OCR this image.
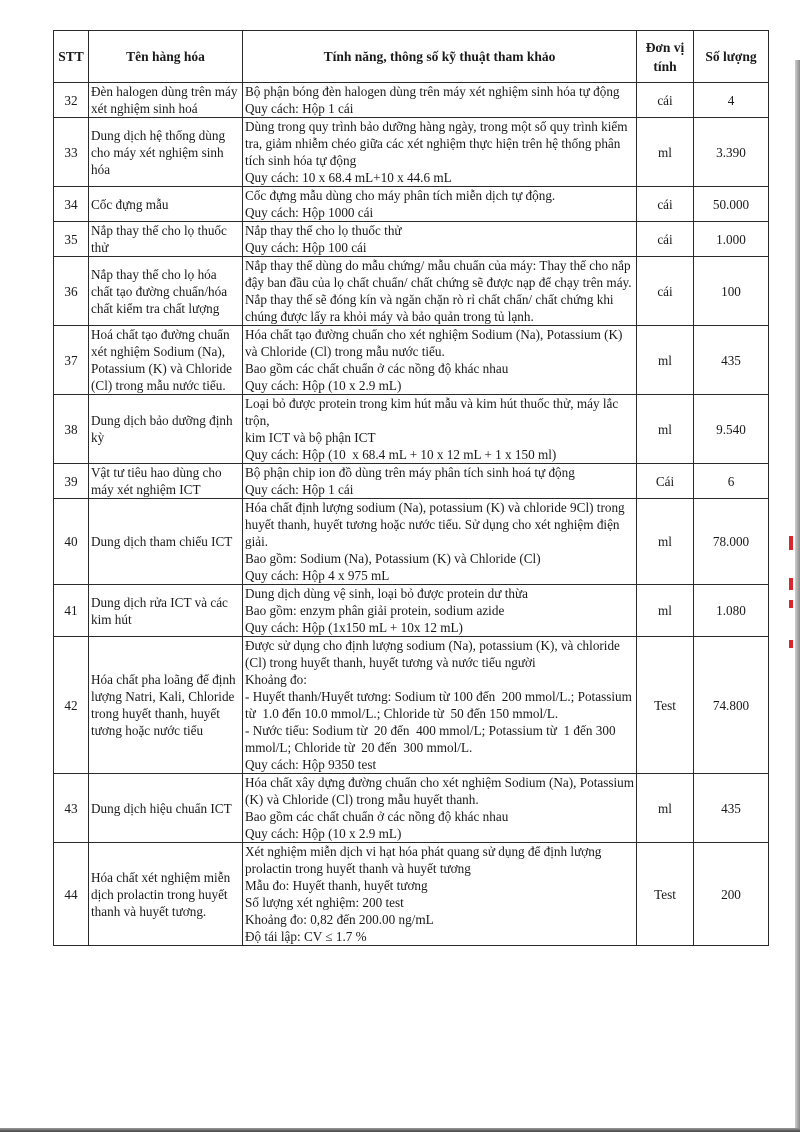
STT	Tên hàng hóa	Tính năng, thông số kỹ thuật tham khảo	Đơn vị tính	Số lượng
32	Đèn halogen dùng trên máy xét nghiệm sinh hoá	Bộ phận bóng đèn halogen dùng trên máy xét nghiệm sinh hóa tự động
Quy cách: Hộp 1 cái	cái	4
33	Dung dịch hệ thống dùng cho máy xét nghiệm sinh hóa	Dùng trong quy trình bảo dưỡng hàng ngày, trong một số quy trình kiểm tra, giảm nhiễm chéo giữa các xét nghiệm thực hiện trên hệ thống phân tích sinh hóa tự động
Quy cách: 10 x 68.4 mL+10 x 44.6 mL	ml	3.390
34	Cốc đựng mẫu	Cốc đựng mẫu dùng cho máy phân tích miễn dịch tự động.
Quy cách: Hộp 1000 cái	cái	50.000
35	Nắp thay thế cho lọ thuốc thử	Nắp thay thế cho lọ thuốc thử
Quy cách: Hộp 100 cái	cái	1.000
36	Nắp thay thế cho lọ hóa chất tạo đường chuẩn/hóa chất kiểm tra chất lượng	Nắp thay thế dùng do mẫu chứng/ mẫu chuẩn của máy: Thay thế cho nắp đậy ban đầu của lọ chất chuẩn/ chất chứng sẽ được nạp để chạy trên máy. Nắp thay thế sẽ đóng kín và ngăn chặn rò rỉ chất chẩn/ chất chứng khi chúng được lấy ra khỏi máy và bảo quản trong tủ lạnh.	cái	100
37	Hoá chất tạo đường chuẩn xét nghiệm Sodium (Na), Potassium (K) và Chloride (Cl) trong mẫu nước tiểu.	Hóa chất tạo đường chuẩn cho xét nghiệm Sodium (Na), Potassium (K) và Chloride (Cl) trong mẫu nước tiểu.
Bao gồm các chất chuẩn ở các nồng độ khác nhau
Quy cách: Hộp (10 x 2.9 mL)	ml	435
38	Dung dịch bảo dưỡng định kỳ	Loại bỏ được protein trong kim hút mẫu và kim hút thuốc thử, máy lắc trộn,
kim ICT và bộ phận ICT
Quy cách: Hộp (10  x 68.4 mL + 10 x 12 mL + 1 x 150 ml)	ml	9.540
39	Vật tư tiêu hao dùng cho máy xét nghiệm ICT	Bộ phận chip ion đồ dùng trên máy phân tích sinh hoá tự động
Quy cách: Hộp 1 cái	Cái	6
40	Dung dịch tham chiếu ICT	Hóa chất định lượng sodium (Na), potassium (K) và chloride 9Cl) trong huyết thanh, huyết tương hoặc nước tiểu. Sử dụng cho xét nghiệm điện giải.
Bao gồm: Sodium (Na), Potassium (K) và Chloride (Cl)
Quy cách: Hộp 4 x 975 mL	ml	78.000
41	Dung dịch rửa ICT và các kim hút	Dung dịch dùng vệ sinh, loại bỏ được protein dư thừa
Bao gồm: enzym phân giải protein, sodium azide
Quy cách: Hộp (1x150 mL + 10x 12 mL)	ml	1.080
42	Hóa chất pha loãng để định lượng Natri, Kali, Chloride trong huyết thanh, huyết tương hoặc nước tiểu	Được sử dụng cho định lượng sodium (Na), potassium (K), và chloride (Cl) trong huyết thanh, huyết tương và nước tiểu người
Khoảng đo:
- Huyết thanh/Huyết tương: Sodium từ 100 đến  200 mmol/L.; Potassium từ  1.0 đến 10.0 mmol/L.; Chloride từ  50 đến 150 mmol/L.
- Nước tiểu: Sodium từ  20 đến  400 mmol/L; Potassium từ  1 đến 300 mmol/L; Chloride từ  20 đến  300 mmol/L.
Quy cách: Hộp 9350 test	Test	74.800
43	Dung dịch hiệu chuẩn ICT	Hóa chất xây dựng đường chuẩn cho xét nghiệm Sodium (Na), Potassium (K) và Chloride (Cl) trong mẫu huyết thanh.
Bao gồm các chất chuẩn ở các nồng độ khác nhau
Quy cách: Hộp (10 x 2.9 mL)	ml	435
44	Hóa chất xét nghiệm miễn dịch prolactin trong huyết thanh và huyết tương.	Xét nghiệm miễn dịch vi hạt hóa phát quang sử dụng để định lượng prolactin trong huyết thanh và huyết tương
Mẫu đo: Huyết thanh, huyết tương
Số lượng xét nghiệm: 200 test
Khoảng đo: 0,82 đến 200.00 ng/mL
Độ tái lập: CV ≤ 1.7 %	Test	200
